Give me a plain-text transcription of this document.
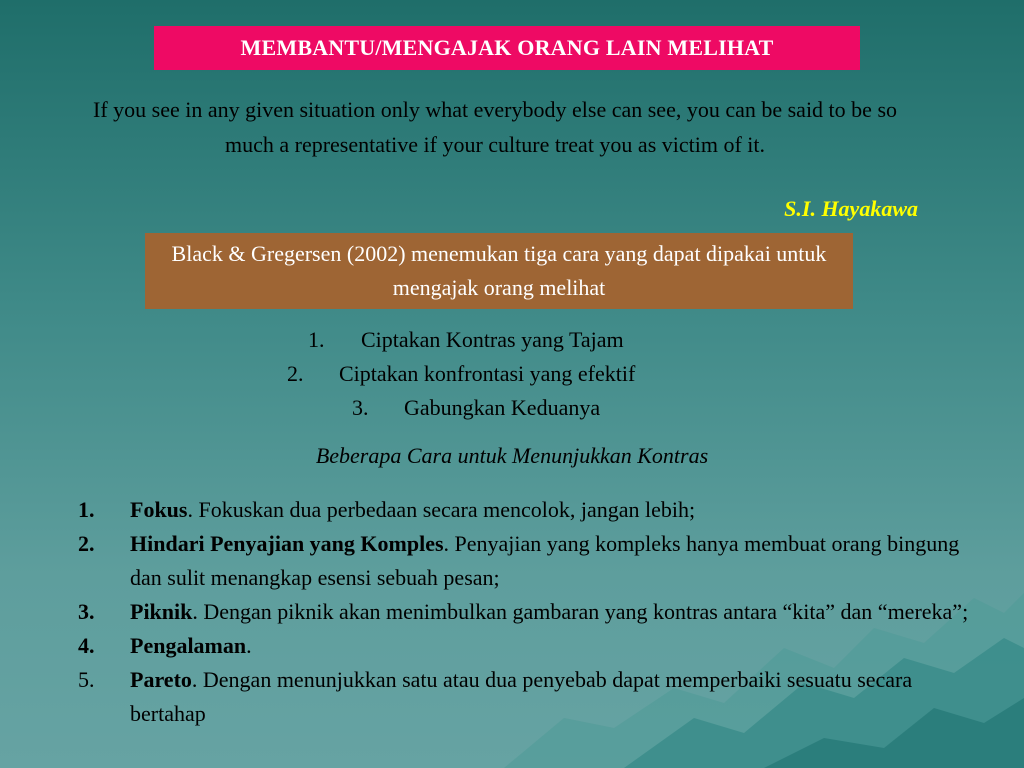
MEMBANTU/MENGAJAK ORANG LAIN MELIHAT
If you see in any given situation only what everybody else can see, you can be said to be so much a representative if your culture treat you as victim of it.
S.I. Hayakawa
Black & Gregersen (2002) menemukan tiga cara yang dapat dipakai untuk mengajak orang melihat
1. Ciptakan Kontras yang Tajam
2. Ciptakan konfrontasi yang efektif
3. Gabungkan Keduanya
Beberapa Cara untuk Menunjukkan Kontras
1. Fokus. Fokuskan dua perbedaan secara mencolok, jangan lebih;
2. Hindari Penyajian yang Komples. Penyajian yang kompleks hanya membuat orang bingung dan sulit menangkap esensi sebuah pesan;
3. Piknik. Dengan piknik akan menimbulkan gambaran yang kontras antara “kita” dan “mereka”;
4. Pengalaman.
5. Pareto. Dengan menunjukkan satu atau dua penyebab dapat memperbaiki sesuatu secara bertahap
